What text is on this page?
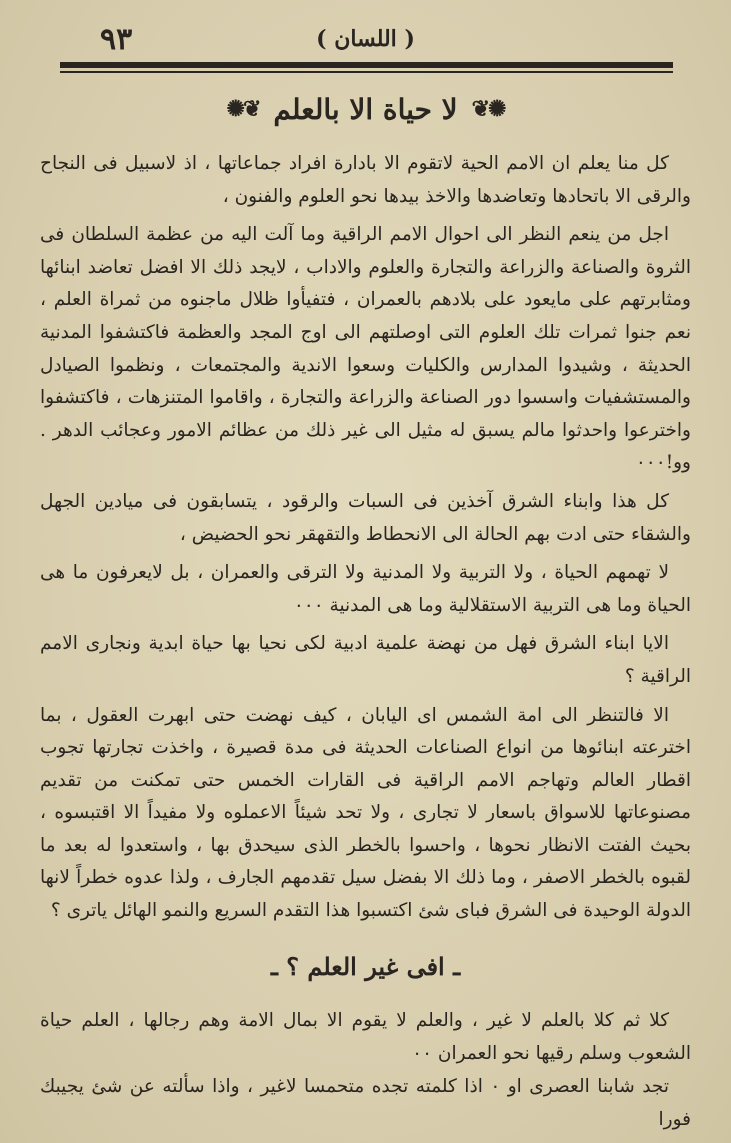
٩٣	( اللسان )
✺❦ لا حياة الا بالعلم ❦✺

كل منا يعلم ان الامم الحية لاتقوم الا بادارة افراد جماعاتها ، اذ لاسبيل فى النجاح والرقى الا باتحادها وتعاضدها والاخذ بيدها نحو العلوم والفنون ،

اجل من ينعم النظر الى احوال الامم الراقية وما آلت اليه من عظمة السلطان فى الثروة والصناعة والزراعة والتجارة والعلوم والاداب ، لايجد ذلك الا افضل تعاضد ابنائها ومثابرتهم على مايعود على بلادهم بالعمران ، فتفيأوا ظلال ماجنوه من ثمراة العلم ، نعم جنوا ثمرات تلك العلوم التى اوصلتهم الى اوج المجد والعظمة فاكتشفوا المدنية الحديثة ، وشيدوا المدارس والكليات وسعوا الاندية والمجتمعات ، ونظموا الصيادل والمستشفيات واسسوا دور الصناعة والزراعة والتجارة ، واقاموا المتنزهات ، فاكتشفوا واخترعوا واحدثوا مالم يسبق له مثيل الى غير ذلك من عظائم الامور وعجائب الدهر . وو!٠٠٠

كل هذا وابناء الشرق آخذين فى السبات والرقود ، يتسابقون فى ميادين الجهل والشقاء حتى ادت بهم الحالة الى الانحطاط والتقهقر نحو الحضيض ،

لا تهمهم الحياة ، ولا التربية ولا المدنية ولا الترقى والعمران ، بل لايعرفون ما هى الحياة وما هى التربية الاستقلالية وما هى المدنية ٠٠٠

الايا ابناء الشرق فهل من نهضة علمية ادبية لكى نحيا بها حياة ابدية ونجارى الامم الراقية ؟

الا فالتنظر الى امة الشمس اى اليابان ، كيف نهضت حتى ابهرت العقول ، بما اخترعته ابنائوها من انواع الصناعات الحديثة فى مدة قصيرة ، واخذت تجارتها تجوب اقطار العالم وتهاجم الامم الراقية فى القارات الخمس حتى تمكنت من تقديم مصنوعاتها للاسواق باسعار لا تجارى ، ولا تحد شيئاً الاعملوه ولا مفيداً الا اقتبسوه ، بحيث الفتت الانظار نحوها ، واحسوا بالخطر الذى سيحدق بها ، واستعدوا له بعد ما لقبوه بالخطر الاصفر ، وما ذلك الا بفضل سيل تقدمهم الجارف ، ولذا عدوه خطراً لانها الدولة الوحيدة فى الشرق فباى شئ اكتسبوا هذا التقدم السريع والنمو الهائل ياترى ؟

ـ افى غير العلم ؟ ـ

كلا ثم كلا بالعلم لا غير ، والعلم لا يقوم الا بمال الامة وهم رجالها ، العلم حياة الشعوب وسلم رقيها نحو العمران ٠٠

تجد شابنا العصرى او ٠ اذا كلمته تجده متحمسا لاغير ، واذا سألته عن شئ يجيبك فورا
